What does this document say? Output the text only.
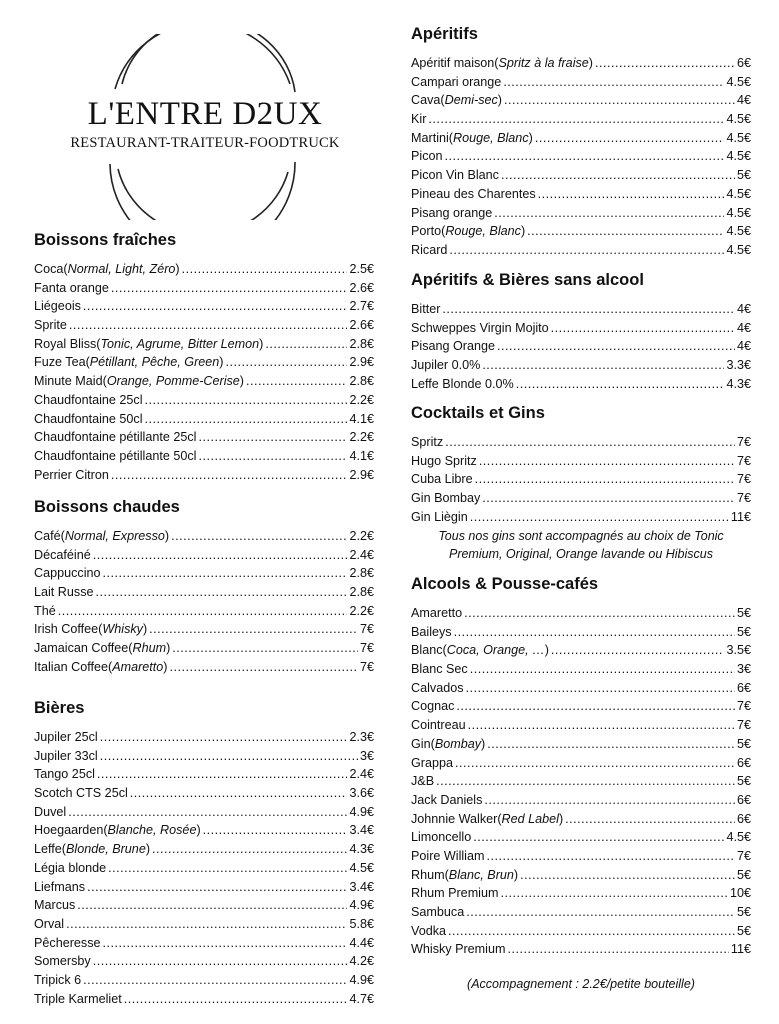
L'ENTRE D2UX
RESTAURANT-TRAITEUR-FOODTRUCK
Boissons fraîches
Coca ( Normal, Light, Zéro ) .....	2.5€
Fanta orange .....	2.6€
Liégeois .....	2.7€
Sprite .....	2.6€
Royal Bliss ( Tonic, Agrume, Bitter Lemon ) .....	2.8€
Fuze Tea ( Pétillant, Pêche, Green ) .....	2.9€
Minute Maid ( Orange, Pomme-Cerise ) .....	2.8€
Chaudfontaine 25cl .....	2.2€
Chaudfontaine 50cl .....	4.1€
Chaudfontaine pétillante 25cl .....	2.2€
Chaudfontaine pétillante 50cl .....	4.1€
Perrier Citron .....	2.9€
Boissons chaudes
Café ( Normal, Expresso ) .....	2.2€
Décaféiné .....	2.4€
Cappuccino .....	2.8€
Lait Russe .....	2.8€
Thé .....	2.2€
Irish Coffee ( Whisky ) .....	7€
Jamaican Coffee ( Rhum ) .....	7€
Italian Coffee ( Amaretto ) .....	7€
Bières
Jupiler 25cl .....	2.3€
Jupiler 33cl .....	3€
Tango 25cl .....	2.4€
Scotch CTS 25cl .....	3.6€
Duvel .....	4.9€
Hoegaarden ( Blanche, Rosée ) .....	3.4€
Leffe ( Blonde, Brune ) .....	4.3€
Légia blonde .....	4.5€
Liefmans .....	3.4€
Marcus .....	4.9€
Orval .....	5.8€
Pêcheresse .....	4.4€
Somersby .....	4.2€
Tripick 6 .....	4.9€
Triple Karmeliet .....	4.7€
Apéritifs
Apéritif maison ( Spritz à la fraise ) .....	6€
Campari orange .....	4.5€
Cava ( Demi-sec ) .....	4€
Kir .....	4.5€
Martini ( Rouge, Blanc ) .....	4.5€
Picon .....	4.5€
Picon Vin Blanc .....	5€
Pineau des Charentes .....	4.5€
Pisang orange .....	4.5€
Porto ( Rouge, Blanc ) .....	4.5€
Ricard .....	4.5€
Apéritifs & Bières sans alcool
Bitter .....	4€
Schweppes Virgin Mojito .....	4€
Pisang Orange .....	4€
Jupiler 0.0% .....	3.3€
Leffe Blonde 0.0% .....	4.3€
Cocktails et Gins
Spritz .....	7€
Hugo Spritz .....	7€
Cuba Libre .....	7€
Gin Bombay .....	7€
Gin Liègin .....	11€
Alcools & Pousse-cafés
Amaretto .....	5€
Baileys .....	5€
Blanc ( Coca, Orange, … ) .....	3.5€
Blanc Sec .....	3€
Calvados .....	6€
Cognac .....	7€
Cointreau .....	7€
Gin ( Bombay ) .....	5€
Grappa .....	6€
J&B .....	5€
Jack Daniels .....	6€
Johnnie Walker ( Red Label ) .....	6€
Limoncello .....	4.5€
Poire William .....	7€
Rhum ( Blanc, Brun ) .....	5€
Rhum Premium .....	10€
Sambuca .....	5€
Vodka .....	5€
Whisky Premium .....	11€
Tous nos gins sont accompagnés au choix de Tonic Premium, Original, Orange lavande ou Hibiscus
(Accompagnement : 2.2€/petite bouteille)
